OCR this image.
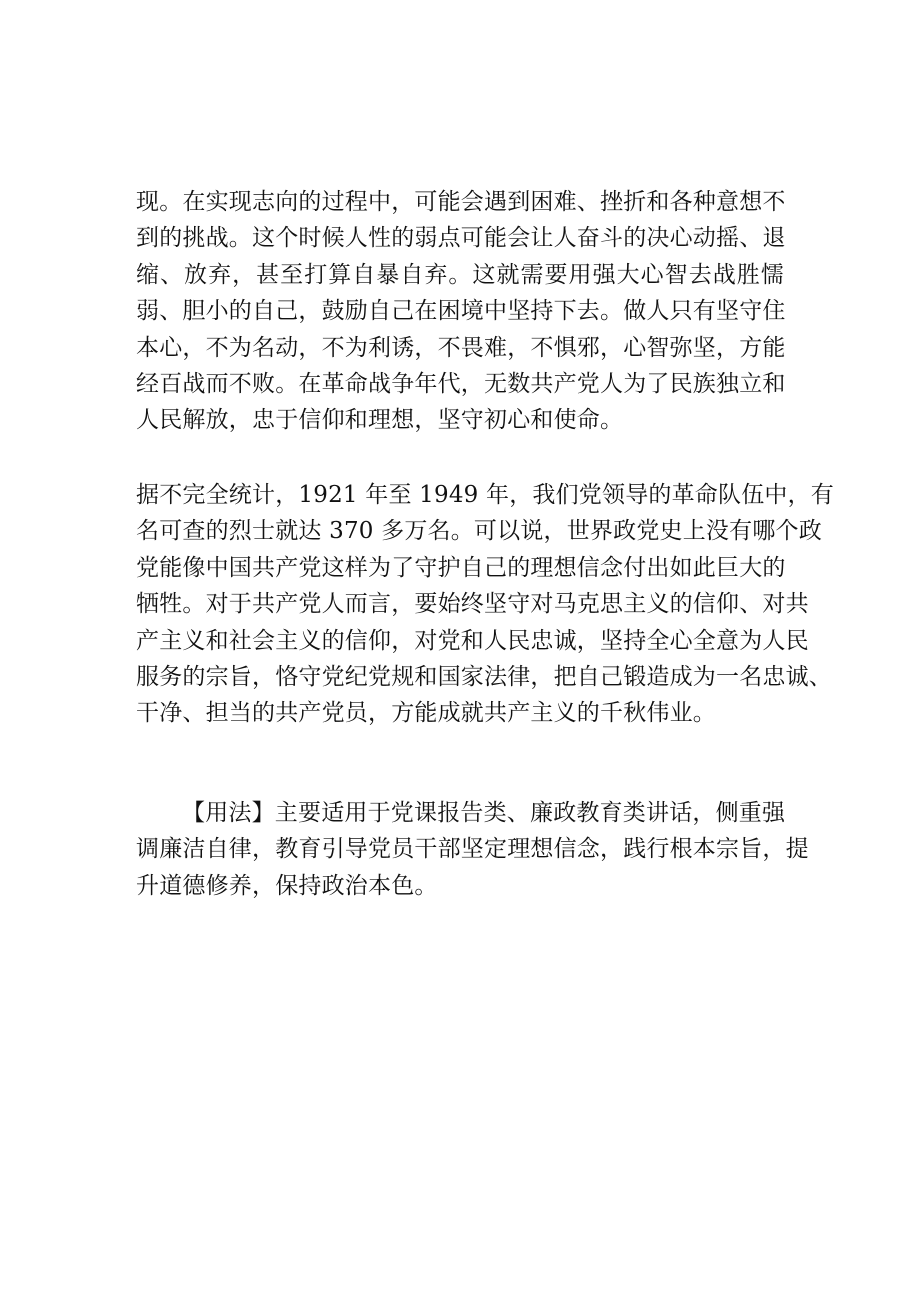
现。在实现志向的过程中，可能会遇到困难、挫折和各种意想不
到的挑战。这个时候人性的弱点可能会让人奋斗的决心动摇、退
缩、放弃，甚至打算自暴自弃。这就需要用强大心智去战胜懦
弱、胆小的自己，鼓励自己在困境中坚持下去。做人只有坚守住
本心，不为名动，不为利诱，不畏难，不惧邪，心智弥坚，方能
经百战而不败。在革命战争年代，无数共产党人为了民族独立和
人民解放，忠于信仰和理想，坚守初心和使命。
据不完全统计，1921 年至 1949 年，我们党领导的革命队伍中，有
名可查的烈士就达 370 多万名。可以说，世界政党史上没有哪个政
党能像中国共产党这样为了守护自己的理想信念付出如此巨大的
牺牲。对于共产党人而言，要始终坚守对马克思主义的信仰、对共
产主义和社会主义的信仰，对党和人民忠诚，坚持全心全意为人民
服务的宗旨，恪守党纪党规和国家法律，把自己锻造成为一名忠诚、
干净、担当的共产党员，方能成就共产主义的千秋伟业。
【用法】主要适用于党课报告类、廉政教育类讲话，侧重强
调廉洁自律，教育引导党员干部坚定理想信念，践行根本宗旨，提
升道德修养，保持政治本色。
